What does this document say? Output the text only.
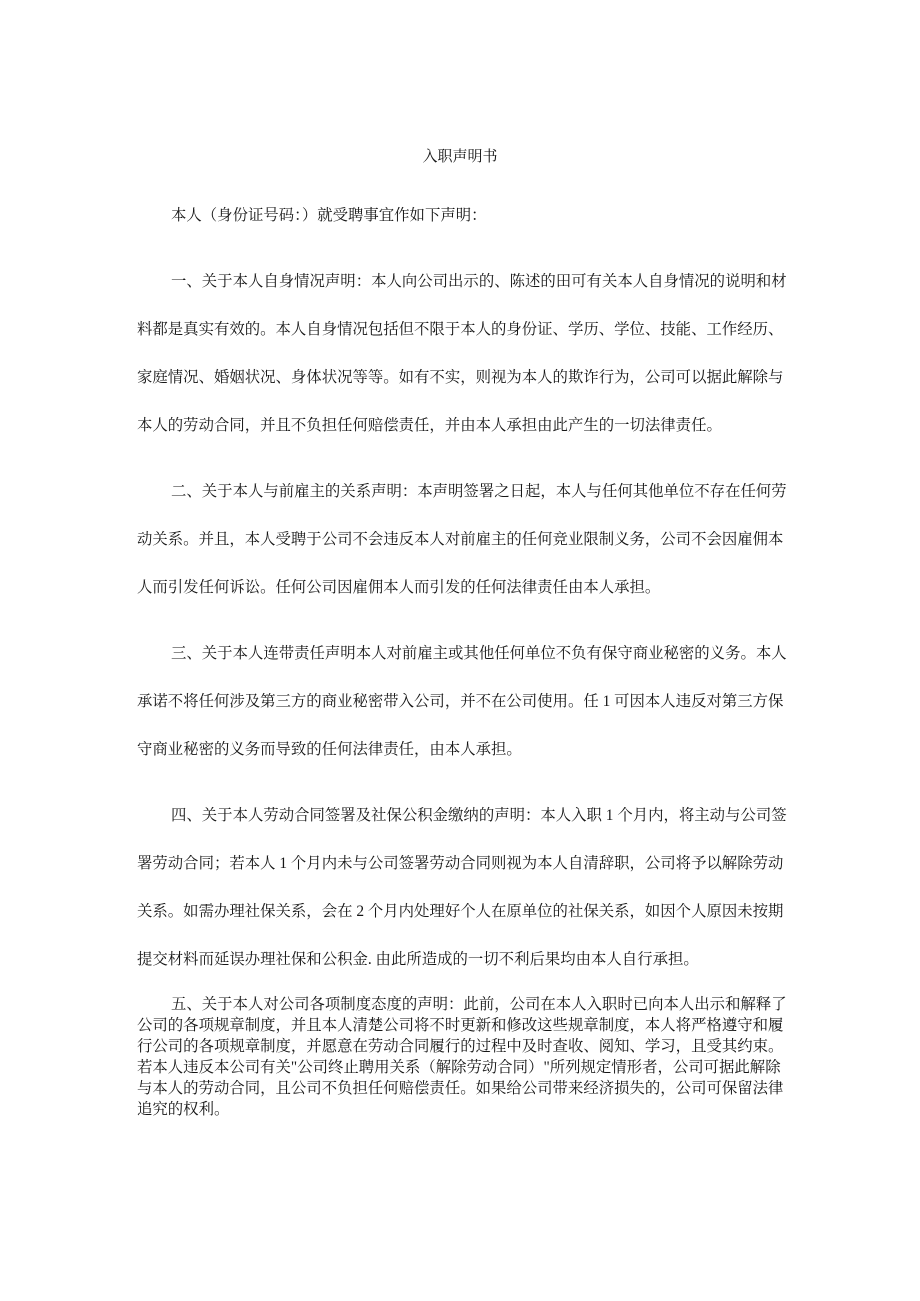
入职声明书
本人（身份证号码：）就受聘事宜作如下声明：
一、关于本人自身情况声明：本人向公司出示的、陈述的田可有关本人自身情况的说明和材
料都是真实有效的。本人自身情况包括但不限于本人的身份证、学历、学位、技能、工作经历、
家庭情况、婚姻状况、身体状况等等。如有不实，则视为本人的欺诈行为，公司可以据此解除与
本人的劳动合同，并且不负担任何赔偿责任，并由本人承担由此产生的一切法律责任。
二、关于本人与前雇主的关系声明：本声明签署之日起，本人与任何其他单位不存在任何劳
动关系。并且，本人受聘于公司不会违反本人对前雇主的任何竞业限制义务，公司不会因雇佣本
人而引发任何诉讼。任何公司因雇佣本人而引发的任何法律责任由本人承担。
三、关于本人连带责任声明本人对前雇主或其他任何单位不负有保守商业秘密的义务。本人
承诺不将任何涉及第三方的商业秘密带入公司，并不在公司使用。任 1 可因本人违反对第三方保
守商业秘密的义务而导致的任何法律责任，由本人承担。
四、关于本人劳动合同签署及社保公积金缴纳的声明：本人入职 1 个月内，将主动与公司签
署劳动合同；若本人 1 个月内未与公司签署劳动合同则视为本人自清辞职，公司将予以解除劳动
关系。如需办理社保关系，会在 2 个月内处理好个人在原单位的社保关系，如因个人原因未按期
提交材料而延误办理社保和公积金. 由此所造成的一切不利后果均由本人自行承担。
五、关于本人对公司各项制度态度的声明：此前，公司在本人入职时已向本人出示和解释了
公司的各项规章制度，并且本人清楚公司将不时更新和修改这些规章制度，本人将严格遵守和履
行公司的各项规章制度，并愿意在劳动合同履行的过程中及时查收、阅知、学习，且受其约束。
若本人违反本公司有关"公司终止聘用关系（解除劳动合同）"所列规定情形者，公司可据此解除
与本人的劳动合同，且公司不负担任何赔偿责任。如果给公司带来经济损失的，公司可保留法律
追究的权利。
